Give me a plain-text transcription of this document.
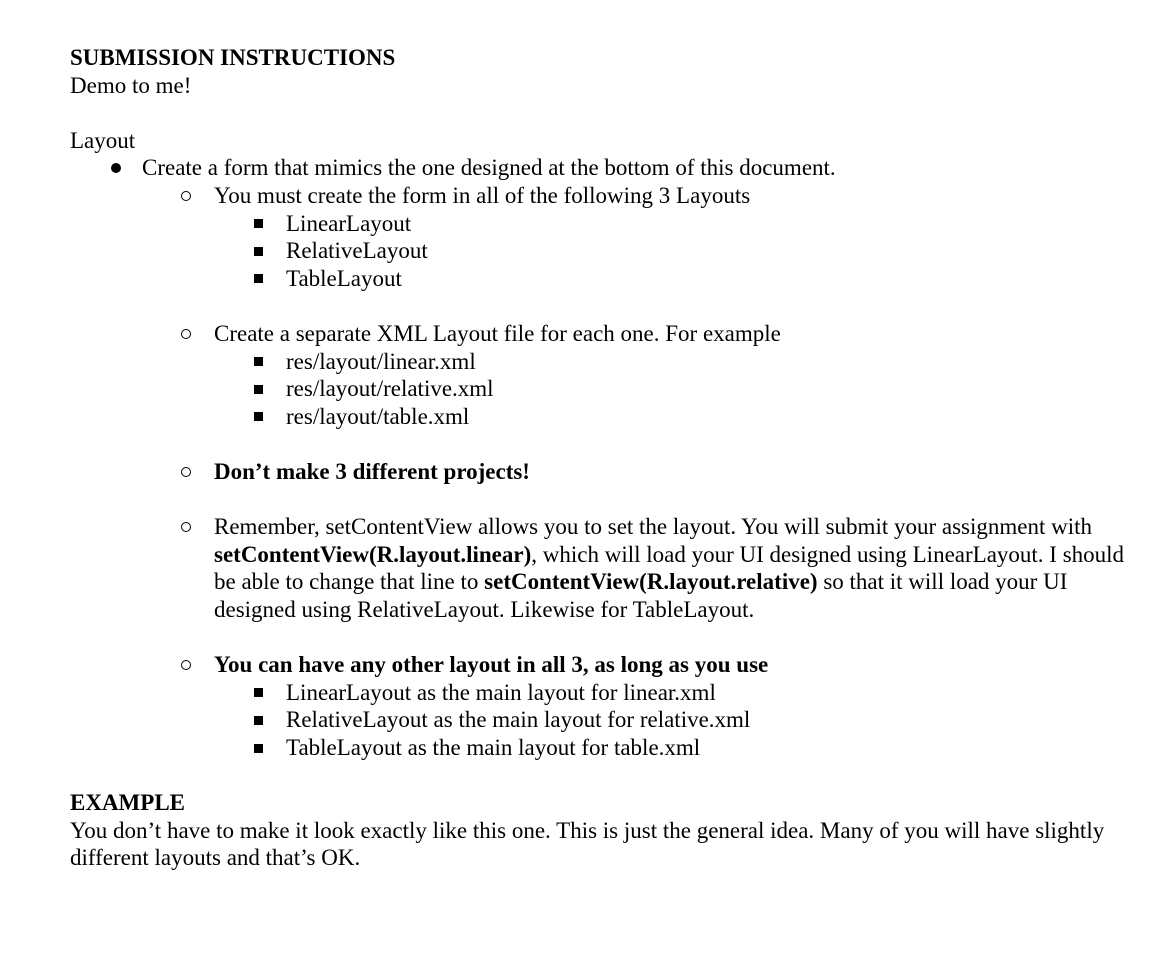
SUBMISSION INSTRUCTIONS
Demo to me!
Layout
Create a form that mimics the one designed at the bottom of this document.
You must create the form in all of the following 3 Layouts
LinearLayout
RelativeLayout
TableLayout
Create a separate XML Layout file for each one. For example
res/layout/linear.xml
res/layout/relative.xml
res/layout/table.xml
Don’t make 3 different projects!
Remember, setContentView allows you to set the layout. You will submit your assignment with setContentView(R.layout.linear), which will load your UI designed using LinearLayout. I should be able to change that line to setContentView(R.layout.relative) so that it will load your UI designed using RelativeLayout. Likewise for TableLayout.
You can have any other layout in all 3, as long as you use
LinearLayout as the main layout for linear.xml
RelativeLayout as the main layout for relative.xml
TableLayout as the main layout for table.xml
EXAMPLE
You don’t have to make it look exactly like this one. This is just the general idea. Many of you will have slightly different layouts and that’s OK.
